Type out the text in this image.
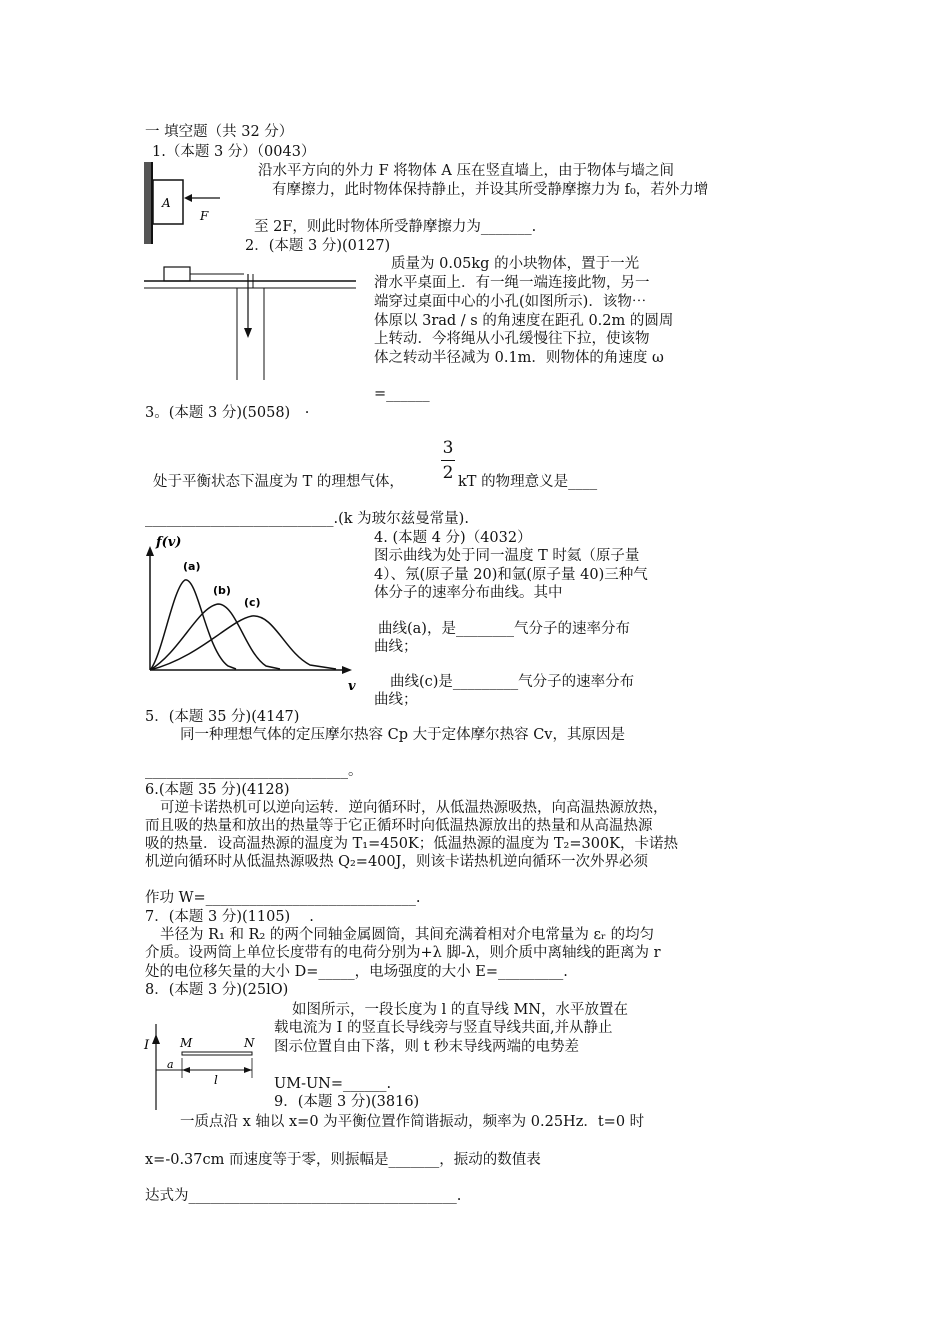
一 填空题（共 32 分）
1.（本题 3 分）（0043）
A
F
沿水平方向的外力 F 将物体 A 压在竖直墙上，由于物体与墙之间
有摩擦力，此时物体保持静止，并设其所受静摩擦力为 f₀，若外力增
至 2F，则此时物体所受静摩擦力为_______.
2．(本题 3 分)(0127)
质量为 0.05kg 的小块物体，置于一光
滑水平桌面上．有一绳一端连接此物，另一
端穿过桌面中心的小孔(如图所示)．该物⋯
体原以 3rad / s 的角速度在距孔 0.2m 的圆周
上转动．今将绳从小孔缓慢往下拉，使该物
体之转动半径减为 0.1m．则物体的角速度 ω
=______
3。(本题 3 分)(5058)　·
3
2
处于平衡状态下温度为 T 的理想气体，	kT 的物理意义是____
__________________________.(k 为玻尔兹曼常量).
4. (本题 4 分)（4032）
图示曲线为处于同一温度 T 时氦（原子量
4）、氖(原子量 20)和氩(原子量 40)三种气
体分子的速率分布曲线。其中
曲线(a)，是________气分子的速率分布
曲线；
曲线(c)是_________气分子的速率分布
曲线；
f(v)
v
(a)
(b)
(c)
5．(本题 35 分)(4147)
同一种理想气体的定压摩尔热容 Cp 大于定体摩尔热容 Cv，其原因是
____________________________。
6.(本题 35 分)(4128)
可逆卡诺热机可以逆向运转．逆向循环时，从低温热源吸热，向高温热源放热，
而且吸的热量和放出的热量等于它正循环时向低温热源放出的热量和从高温热源
吸的热量．设高温热源的温度为 T₁=450K；低温热源的温度为 T₂=300K，卡诺热
机逆向循环时从低温热源吸热 Q₂=400J，则该卡诺热机逆向循环一次外界必须
作功 W=_____________________________.
7．(本题 3 分)(1105)　 .
半径为 R₁ 和 R₂ 的两个同轴金属圆筒，其间充满着相对介电常量为 εᵣ 的均匀
介质。设两筒上单位长度带有的电荷分别为+λ 脚-λ，则介质中离轴线的距离为 r
处的电位移矢量的大小 D=_____，电场强度的大小 E=_________.
8．(本题 3 分)(25lO)
如图所示，一段长度为 l 的直导线 MN，水平放置在
载电流为 I 的竖直长导线旁与竖直导线共面,并从静止
图示位置自由下落，则 t 秒末导线两端的电势差
UM-UN=______.
I	M	N
a
l
9．(本题 3 分)(3816)
一质点沿 x 轴以 x=0 为平衡位置作简谐振动，频率为 0.25Hz．t=0 时
x=-0.37cm 而速度等于零，则振幅是_______，振动的数值表
达式为_____________________________________.
